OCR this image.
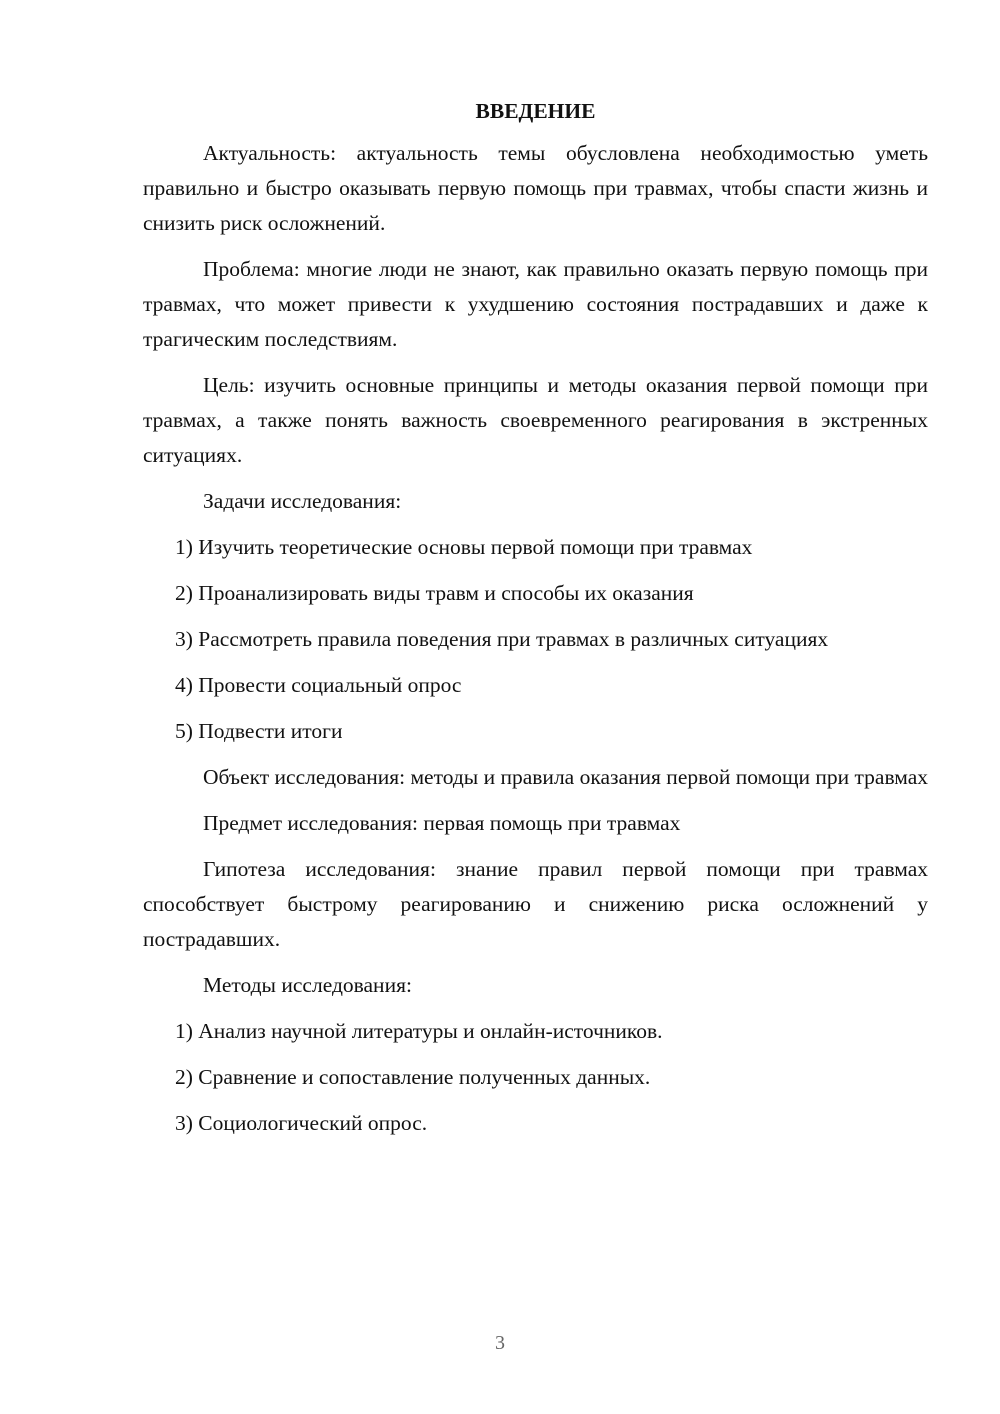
ВВЕДЕНИЕ

Актуальность: актуальность темы обусловлена необходимостью уметь правильно и быстро оказывать первую помощь при травмах, чтобы спасти жизнь и снизить риск осложнений.

Проблема: многие люди не знают, как правильно оказать первую помощь при травмах, что может привести к ухудшению состояния пострадавших и даже к трагическим последствиям.

Цель: изучить основные принципы и методы оказания первой помощи при травмах, а также понять важность своевременного реагирования в экстренных ситуациях.

Задачи исследования:

1) Изучить теоретические основы первой помощи при травмах

2) Проанализировать виды травм и способы их оказания

3) Рассмотреть правила поведения при травмах в различных ситуациях

4) Провести социальный опрос

5) Подвести итоги

Объект исследования: методы и правила оказания первой помощи при травмах

Предмет исследования: первая помощь при травмах

Гипотеза исследования: знание правил первой помощи при травмах способствует быстрому реагированию и снижению риска осложнений у пострадавших.

Методы исследования:

1) Анализ научной литературы и онлайн-источников.

2) Сравнение и сопоставление полученных данных.

3) Социологический опрос.

3
